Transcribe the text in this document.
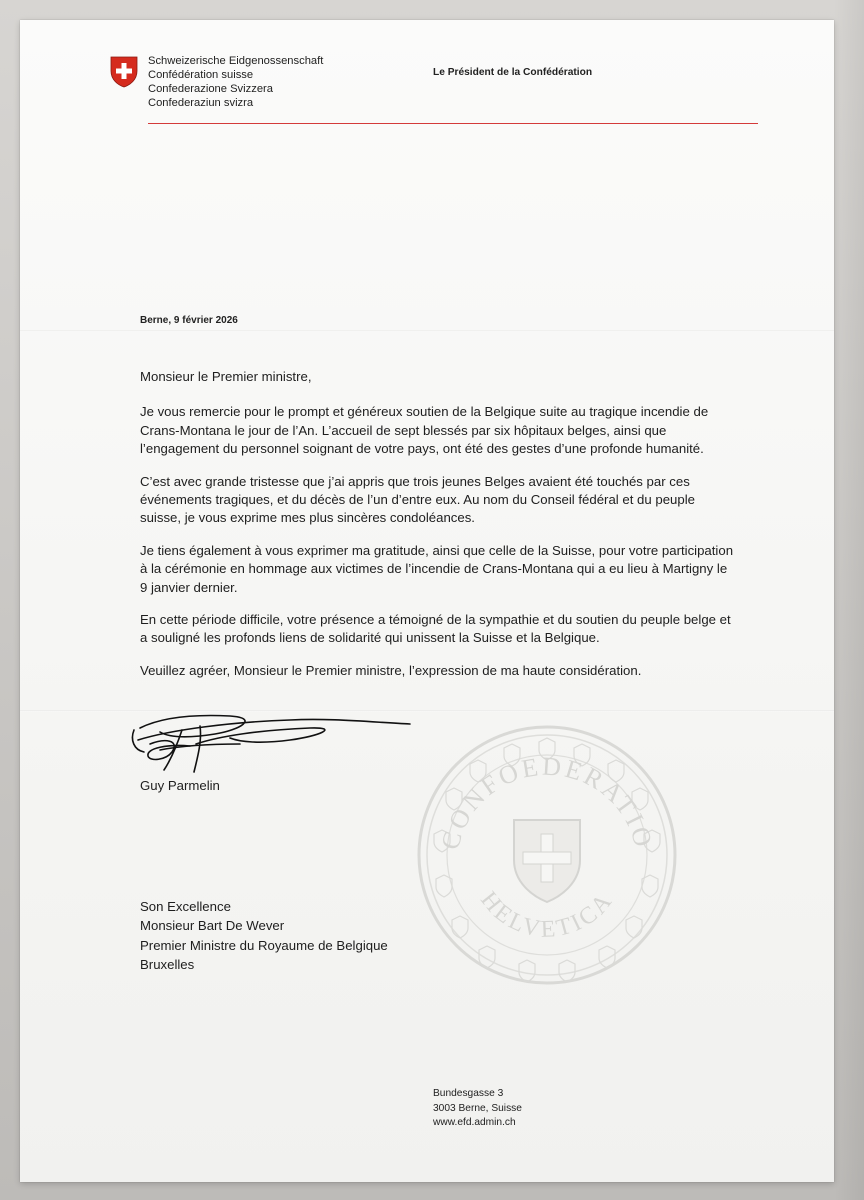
Schweizerische Eidgenossenschaft
Confédération suisse
Confederazione Svizzera
Confederaziun svizra
Le Président de la Confédération
Berne, 9 février 2026

Monsieur le Premier ministre,

Je vous remercie pour le prompt et généreux soutien de la Belgique suite au tragique incendie de
Crans-Montana le jour de l’An. L’accueil de sept blessés par six hôpitaux belges, ainsi que
l’engagement du personnel soignant de votre pays, ont été des gestes d’une profonde humanité.

C’est avec grande tristesse que j’ai appris que trois jeunes Belges avaient été touchés par ces
événements tragiques, et du décès de l’un d’entre eux. Au nom du Conseil fédéral et du peuple
suisse, je vous exprime mes plus sincères condoléances.

Je tiens également à vous exprimer ma gratitude, ainsi que celle de la Suisse, pour votre participation
à la cérémonie en hommage aux victimes de l’incendie de Crans-Montana qui a eu lieu à Martigny le
9 janvier dernier.

En cette période difficile, votre présence a témoigné de la sympathie et du soutien du peuple belge et
a souligné les profonds liens de solidarité qui unissent la Suisse et la Belgique.

Veuillez agréer, Monsieur le Premier ministre, l’expression de ma haute considération.

Guy Parmelin
Son Excellence
Monsieur Bart De Wever
Premier Ministre du Royaume de Belgique
Bruxelles
CONFOEDERATIO
HELVETICA
Bundesgasse 3
3003 Berne, Suisse
www.efd.admin.ch
